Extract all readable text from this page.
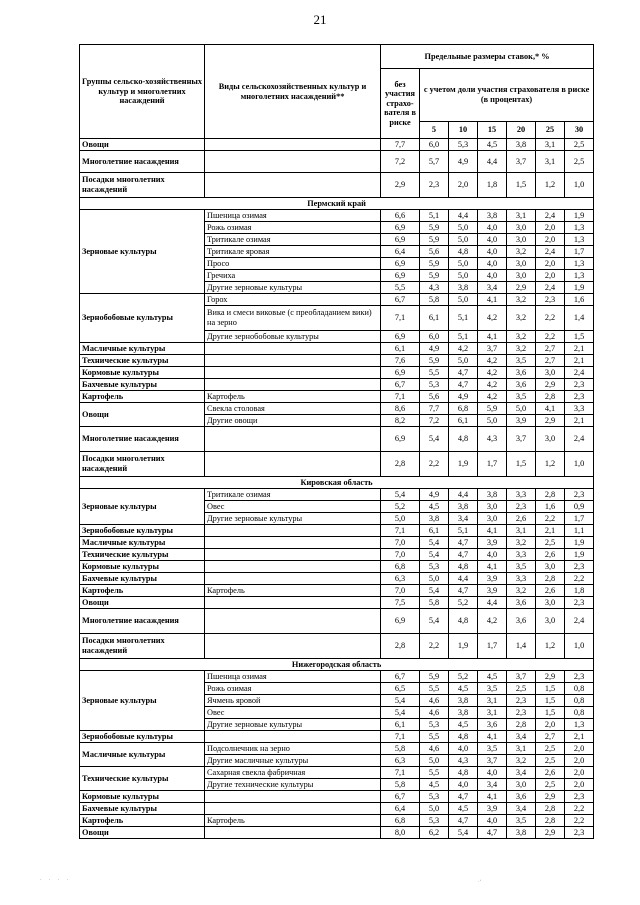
21
Группы сельско-хозяйственных культур и многолетних насаждений	Виды сельскохозяйственных культур и многолетних насаждений**	Предельные размеры ставок,* %						
		без участия страхо-вателя в риске	с учетом доли участия страхователя в риске (в процентах)					
			5	10	15	20	25	30
Овощи		7,7	6,0	5,3	4,5	3,8	3,1	2,5
Многолетние насаждения		7,2	5,7	4,9	4,4	3,7	3,1	2,5
Посадки многолетних насаждений		2,9	2,3	2,0	1,8	1,5	1,2	1,0
Пермский край								
Зерновые культуры	Пшеница озимая	6,6	5,1	4,4	3,8	3,1	2,4	1,9
	Рожь озимая	6,9	5,9	5,0	4,0	3,0	2,0	1,3
	Тритикале озимая	6,9	5,9	5,0	4,0	3,0	2,0	1,3
	Тритикале яровая	6,4	5,6	4,8	4,0	3,2	2,4	1,7
	Просо	6,9	5,9	5,0	4,0	3,0	2,0	1,3
	Гречиха	6,9	5,9	5,0	4,0	3,0	2,0	1,3
	Другие зерновые культуры	5,5	4,3	3,8	3,4	2,9	2,4	1,9
Зернобобовые культуры	Горох	6,7	5,8	5,0	4,1	3,2	2,3	1,6
	Вика и смеси виковые (с преобладанием вики) на зерно	7,1	6,1	5,1	4,2	3,2	2,2	1,4
	Другие зернобобовые культуры	6,9	6,0	5,1	4,1	3,2	2,2	1,5
Масличные культуры		6,1	4,9	4,2	3,7	3,2	2,7	2,1
Технические культуры		7,6	5,9	5,0	4,2	3,5	2,7	2,1
Кормовые культуры		6,9	5,5	4,7	4,2	3,6	3,0	2,4
Бахчевые культуры		6,7	5,3	4,7	4,2	3,6	2,9	2,3
Картофель	Картофель	7,1	5,6	4,9	4,2	3,5	2,8	2,3
Овощи	Свекла столовая	8,6	7,7	6,8	5,9	5,0	4,1	3,3
	Другие овощи	8,2	7,2	6,1	5,0	3,9	2,9	2,1
Многолетние насаждения		6,9	5,4	4,8	4,3	3,7	3,0	2,4
Посадки многолетних насаждений		2,8	2,2	1,9	1,7	1,5	1,2	1,0
Кировская область								
Зерновые культуры	Тритикале озимая	5,4	4,9	4,4	3,8	3,3	2,8	2,3
	Овес	5,2	4,5	3,8	3,0	2,3	1,6	0,9
	Другие зерновые культуры	5,0	3,8	3,4	3,0	2,6	2,2	1,7
Зернобобовые культуры		7,1	6,1	5,1	4,1	3,1	2,1	1,1
Масличные культуры		7,0	5,4	4,7	3,9	3,2	2,5	1,9
Технические культуры		7,0	5,4	4,7	4,0	3,3	2,6	1,9
Кормовые культуры		6,8	5,3	4,8	4,1	3,5	3,0	2,3
Бахчевые культуры		6,3	5,0	4,4	3,9	3,3	2,8	2,2
Картофель	Картофель	7,0	5,4	4,7	3,9	3,2	2,6	1,8
Овощи		7,5	5,8	5,2	4,4	3,6	3,0	2,3
Многолетние насаждения		6,9	5,4	4,8	4,2	3,6	3,0	2,4
Посадки многолетних насаждений		2,8	2,2	1,9	1,7	1,4	1,2	1,0
Нижегородская область								
Зерновые культуры	Пшеница озимая	6,7	5,9	5,2	4,5	3,7	2,9	2,3
	Рожь озимая	6,5	5,5	4,5	3,5	2,5	1,5	0,8
	Ячмень яровой	5,4	4,6	3,8	3,1	2,3	1,5	0,8
	Овес	5,4	4,6	3,8	3,1	2,3	1,5	0,8
	Другие зерновые культуры	6,1	5,3	4,5	3,6	2,8	2,0	1,3
Зернобобовые культуры		7,1	5,5	4,8	4,1	3,4	2,7	2,1
Масличные культуры	Подсолнечник на зерно	5,8	4,6	4,0	3,5	3,1	2,5	2,0
	Другие масличные культуры	6,3	5,0	4,3	3,7	3,2	2,5	2,0
Технические культуры	Сахарная свекла фабричная	7,1	5,5	4,8	4,0	3,4	2,6	2,0
	Другие технические культуры	5,8	4,5	4,0	3,4	3,0	2,5	2,0
Кормовые культуры		6,7	5,3	4,7	4,1	3,6	2,9	2,3
Бахчевые культуры		6,4	5,0	4,5	3,9	3,4	2,8	2,2
Картофель	Картофель	6,8	5,3	4,7	4,0	3,5	2,8	2,2
Овощи		8,0	6,2	5,4	4,7	3,8	2,9	2,3
· · · ·	·‘
